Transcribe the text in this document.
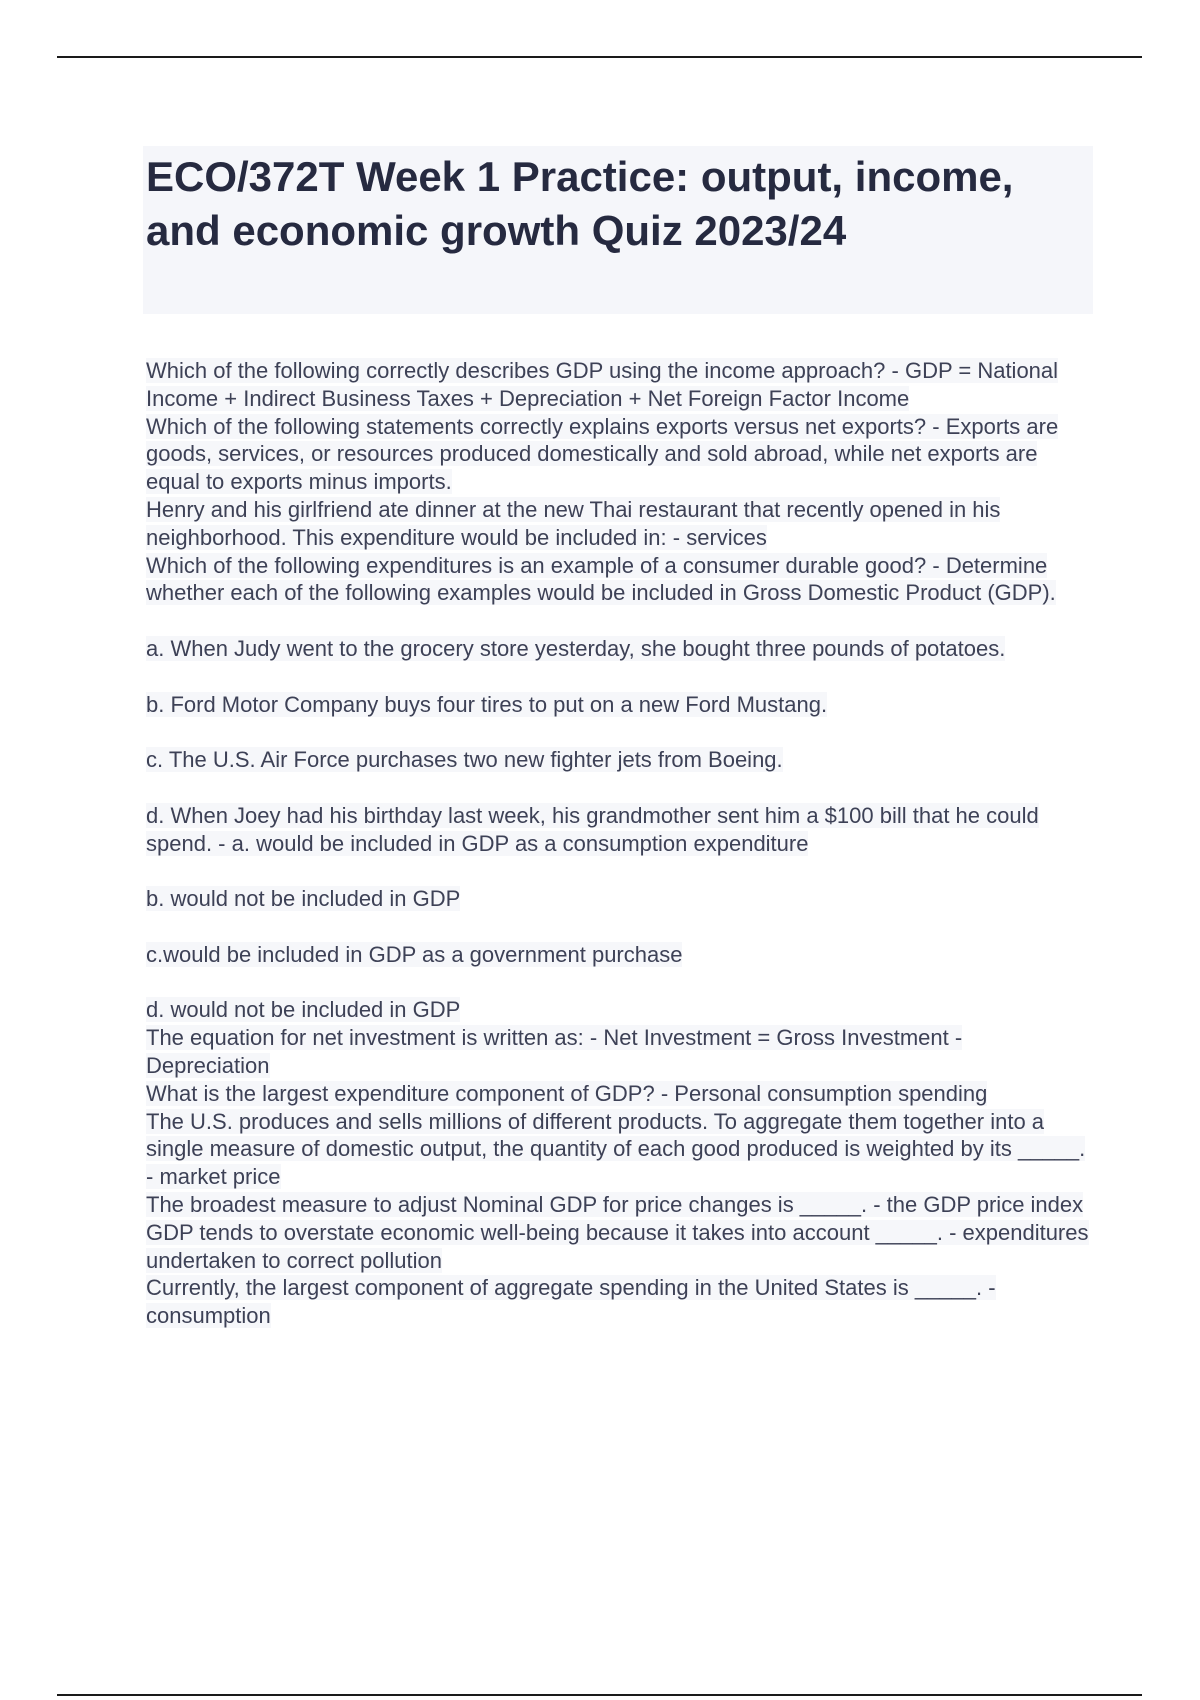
ECO/372T Week 1 Practice: output, income, and economic growth Quiz 2023/24

Which of the following correctly describes GDP using the income approach? - GDP = National Income + Indirect Business Taxes + Depreciation + Net Foreign Factor Income

Which of the following statements correctly explains exports versus net exports? - Exports are goods, services, or resources produced domestically and sold abroad, while net exports are equal to exports minus imports.

Henry and his girlfriend ate dinner at the new Thai restaurant that recently opened in his neighborhood. This expenditure would be included in: - services

Which of the following expenditures is an example of a consumer durable good? - Determine whether each of the following examples would be included in Gross Domestic Product (GDP).

a. When Judy went to the grocery store yesterday, she bought three pounds of potatoes.

b. Ford Motor Company buys four tires to put on a new Ford Mustang.

c. The U.S. Air Force purchases two new fighter jets from Boeing.

d. When Joey had his birthday last week, his grandmother sent him a $100 bill that he could spend. - a. would be included in GDP as a consumption expenditure

b. would not be included in GDP

c.would be included in GDP as a government purchase

d. would not be included in GDP

The equation for net investment is written as: - Net Investment = Gross Investment - Depreciation

What is the largest expenditure component of GDP? - Personal consumption spending

The U.S. produces and sells millions of different products. To aggregate them together into a single measure of domestic output, the quantity of each good produced is weighted by its _____. - market price

The broadest measure to adjust Nominal GDP for price changes is _____. - the GDP price index

GDP tends to overstate economic well-being because it takes into account _____. - expenditures undertaken to correct pollution

Currently, the largest component of aggregate spending in the United States is _____. - consumption
